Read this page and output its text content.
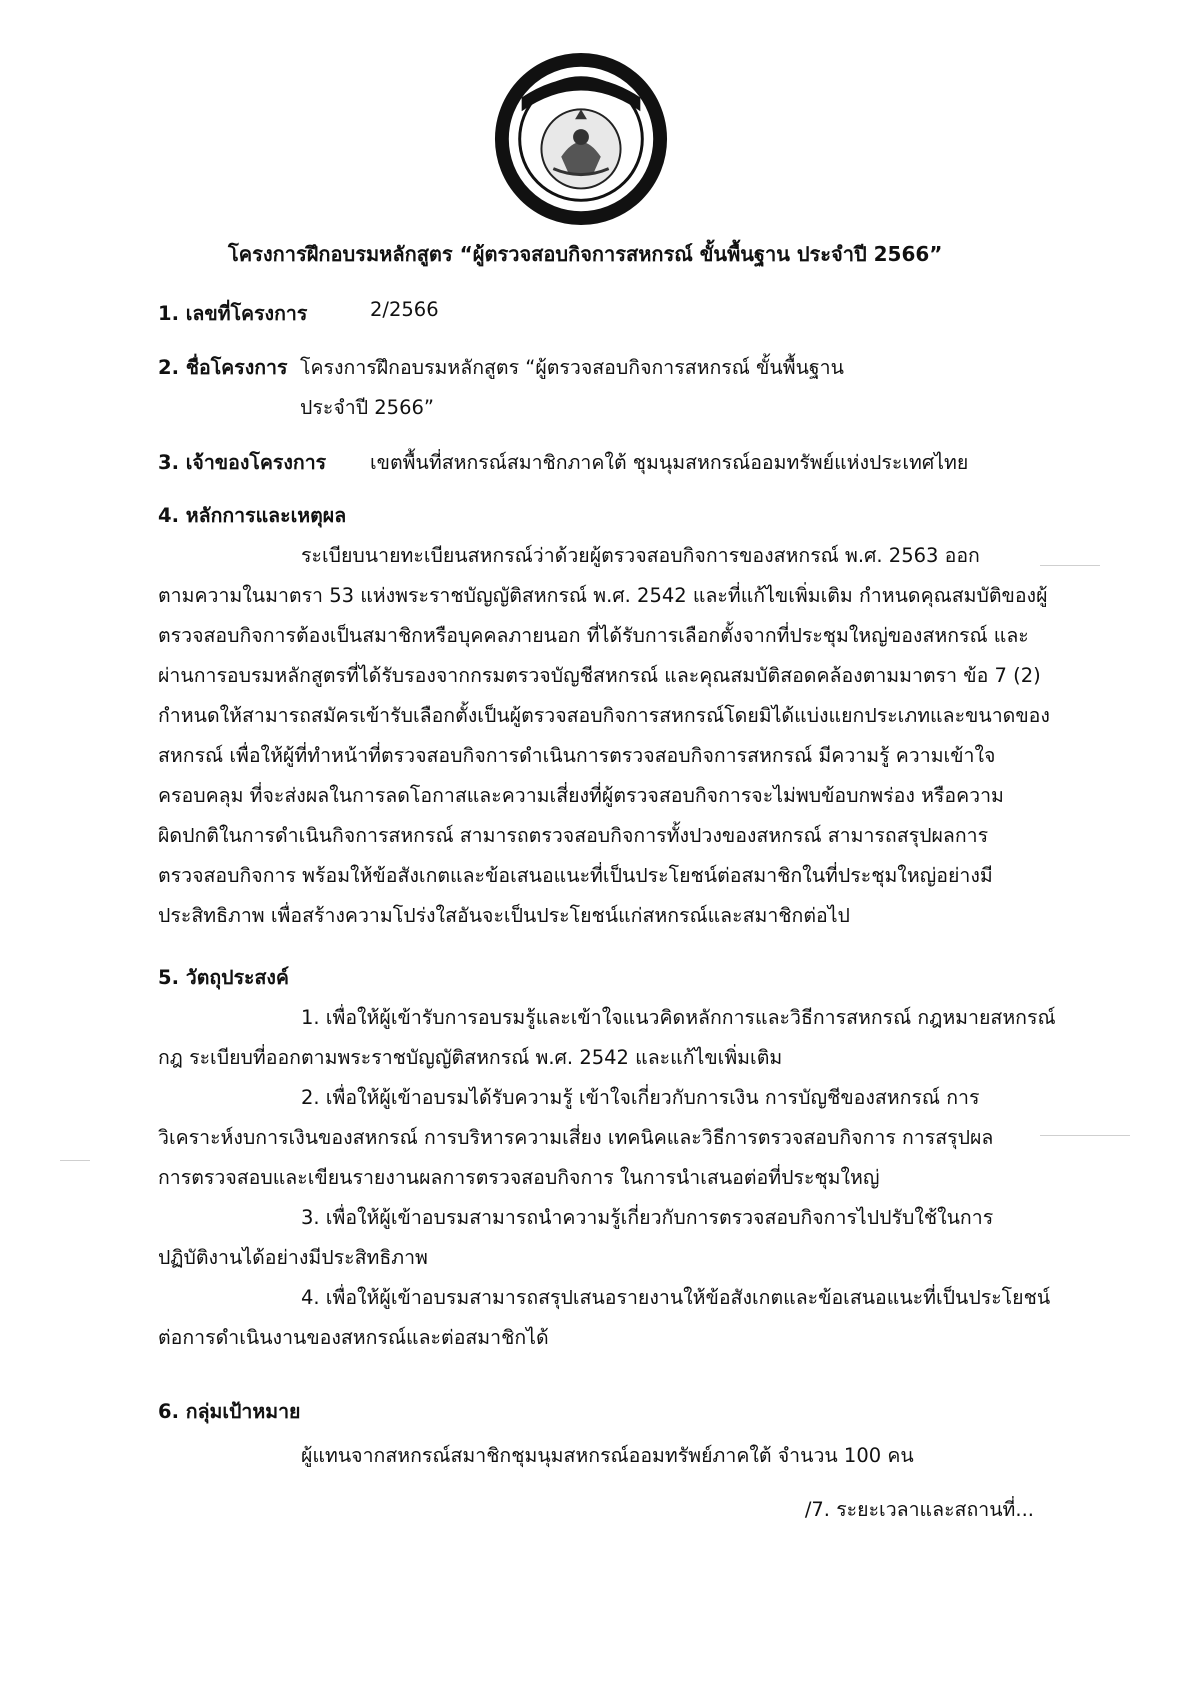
โครงการฝึกอบรมหลักสูตร “ผู้ตรวจสอบกิจการสหกรณ์ ขั้นพื้นฐาน ประจำปี 2566”
1. เลขที่โครงการ	2/2566
2. ชื่อโครงการ โครงการฝึกอบรมหลักสูตร “ผู้ตรวจสอบกิจการสหกรณ์ ขั้นพื้นฐาน
ประจำปี 2566”
3. เจ้าของโครงการ เขตพื้นที่สหกรณ์สมาชิกภาคใต้ ชุมนุมสหกรณ์ออมทรัพย์แห่งประเทศไทย
4. หลักการและเหตุผล
ระเบียบนายทะเบียนสหกรณ์ว่าด้วยผู้ตรวจสอบกิจการของสหกรณ์ พ.ศ. 2563 ออก
ตามความในมาตรา 53 แห่งพระราชบัญญัติสหกรณ์ พ.ศ. 2542 และที่แก้ไขเพิ่มเติม กำหนดคุณสมบัติของผู้
ตรวจสอบกิจการต้องเป็นสมาชิกหรือบุคคลภายนอก ที่ได้รับการเลือกตั้งจากที่ประชุมใหญ่ของสหกรณ์ และ
ผ่านการอบรมหลักสูตรที่ได้รับรองจากกรมตรวจบัญชีสหกรณ์ และคุณสมบัติสอดคล้องตามมาตรา ข้อ 7 (2)
กำหนดให้สามารถสมัครเข้ารับเลือกตั้งเป็นผู้ตรวจสอบกิจการสหกรณ์โดยมิได้แบ่งแยกประเภทและขนาดของ
สหกรณ์ เพื่อให้ผู้ที่ทำหน้าที่ตรวจสอบกิจการดำเนินการตรวจสอบกิจการสหกรณ์ มีความรู้ ความเข้าใจ
ครอบคลุม ที่จะส่งผลในการลดโอกาสและความเสี่ยงที่ผู้ตรวจสอบกิจการจะไม่พบข้อบกพร่อง หรือความ
ผิดปกติในการดำเนินกิจการสหกรณ์ สามารถตรวจสอบกิจการทั้งปวงของสหกรณ์ สามารถสรุปผลการ
ตรวจสอบกิจการ พร้อมให้ข้อสังเกตและข้อเสนอแนะที่เป็นประโยชน์ต่อสมาชิกในที่ประชุมใหญ่อย่างมี
ประสิทธิภาพ เพื่อสร้างความโปร่งใสอันจะเป็นประโยชน์แก่สหกรณ์และสมาชิกต่อไป
5. วัตถุประสงค์
1. เพื่อให้ผู้เข้ารับการอบรมรู้และเข้าใจแนวคิดหลักการและวิธีการสหกรณ์ กฎหมายสหกรณ์
กฎ ระเบียบที่ออกตามพระราชบัญญัติสหกรณ์ พ.ศ. 2542 และแก้ไขเพิ่มเติม
2. เพื่อให้ผู้เข้าอบรมได้รับความรู้ เข้าใจเกี่ยวกับการเงิน การบัญชีของสหกรณ์ การ
วิเคราะห์งบการเงินของสหกรณ์ การบริหารความเสี่ยง เทคนิคและวิธีการตรวจสอบกิจการ การสรุปผล
การตรวจสอบและเขียนรายงานผลการตรวจสอบกิจการ ในการนำเสนอต่อที่ประชุมใหญ่
3. เพื่อให้ผู้เข้าอบรมสามารถนำความรู้เกี่ยวกับการตรวจสอบกิจการไปปรับใช้ในการ
ปฏิบัติงานได้อย่างมีประสิทธิภาพ
4. เพื่อให้ผู้เข้าอบรมสามารถสรุปเสนอรายงานให้ข้อสังเกตและข้อเสนอแนะที่เป็นประโยชน์
ต่อการดำเนินงานของสหกรณ์และต่อสมาชิกได้
6. กลุ่มเป้าหมาย
ผู้แทนจากสหกรณ์สมาชิกชุมนุมสหกรณ์ออมทรัพย์ภาคใต้ จำนวน 100 คน
/7. ระยะเวลาและสถานที่...
